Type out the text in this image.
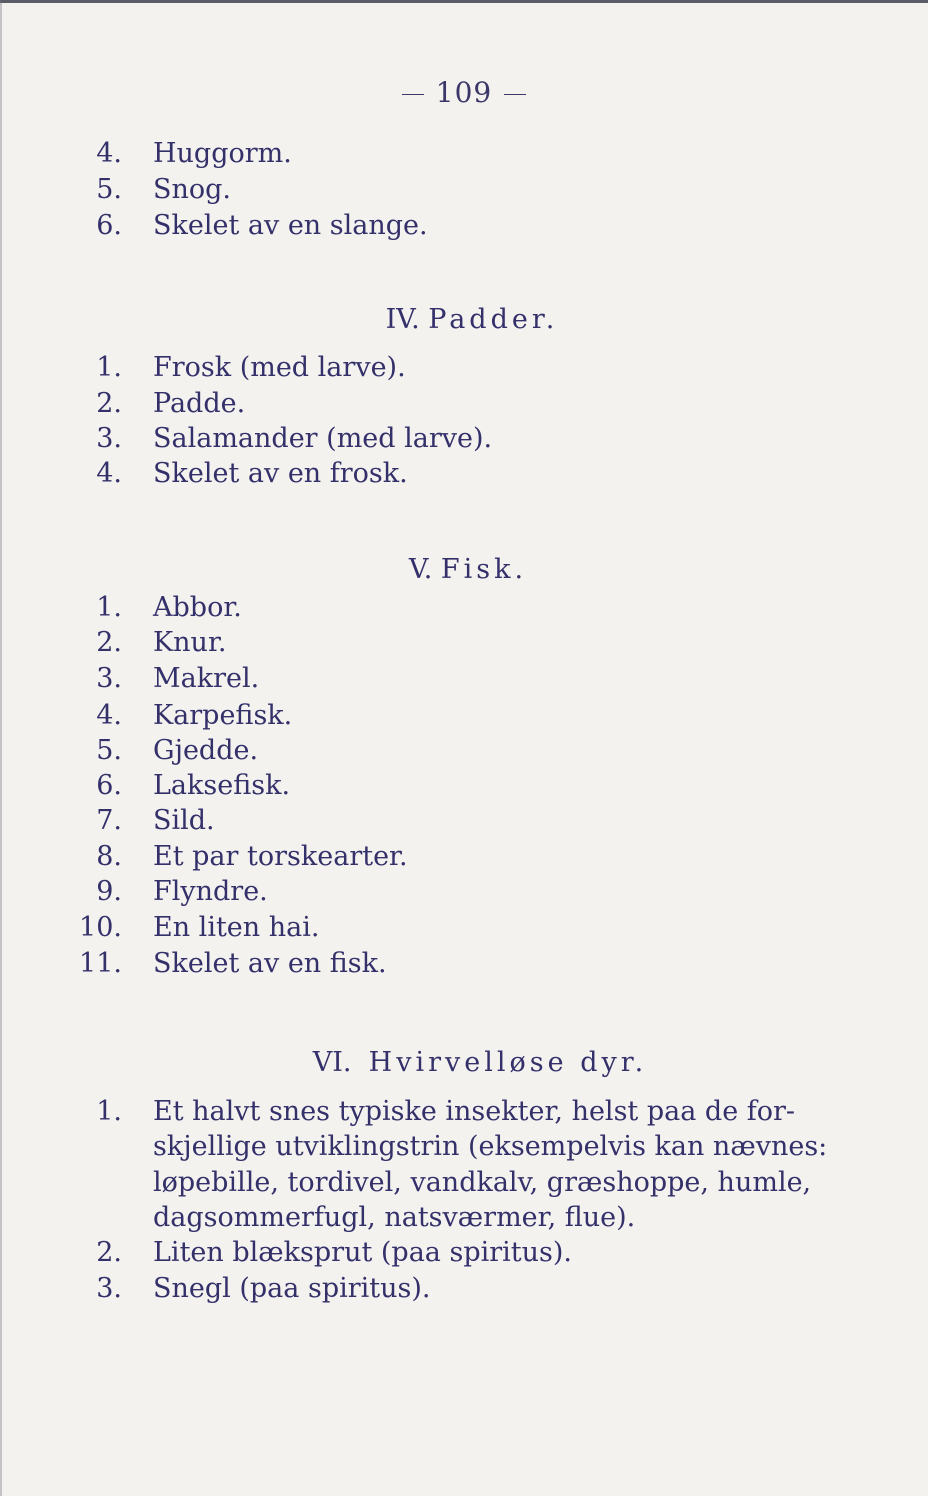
109
4. Huggorm.
5. Snog.
6. Skelet av en slange.
IV. Padder.
1. Frosk (med larve).
2. Padde.
3. Salamander (med larve).
4. Skelet av en frosk.
V. Fisk.
1. Abbor.
2. Knur.
3. Makrel.
4. Karpefisk.
5. Gjedde.
6. Laksefisk.
7. Sild.
8. Et par torskearter.
9. Flyndre.
10. En liten hai.
11. Skelet av en fisk.
VI. Hvirvelløse dyr.
1. Et halvt snes typiske insekter, helst paa de for-
skjellige utviklingstrin (eksempelvis kan nævnes:
løpebille, tordivel, vandkalv, græshoppe, humle,
dagsommerfugl, natsværmer, flue).
2. Liten blæksprut (paa spiritus).
3. Snegl (paa spiritus).
